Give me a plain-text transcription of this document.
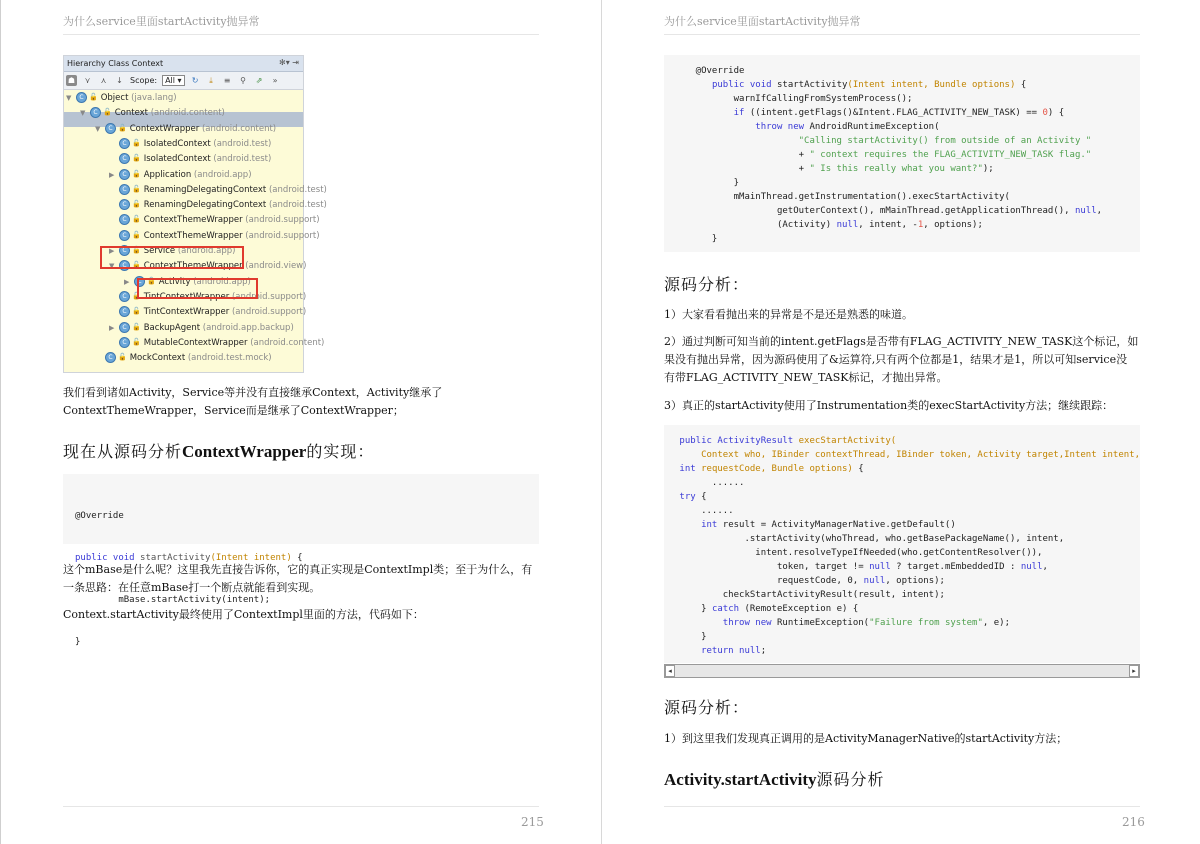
为什么service里面startActivity抛异常
Hierarchy Class Context	✻▾ ⇥
☗	⋎	⋏	↓ Scope:	All ▾	↻	⤓	≡	⚲	⇗	»
▼ C 🔓 Object (java.lang)
▼ C 🔓 Context (android.content)
▼ C 🔓 ContextWrapper (android.content)
C 🔓 IsolatedContext (android.test)
C 🔓 IsolatedContext (android.test)
▶ C 🔓 Application (android.app)
C 🔓 RenamingDelegatingContext (android.test)
C 🔓 RenamingDelegatingContext (android.test)
C 🔓 ContextThemeWrapper (android.support)
C 🔓 ContextThemeWrapper (android.support)
▶ C 🔓 Service (android.app)
▼ C 🔓 ContextThemeWrapper (android.view)
▶ C 🔓 Activity (android.app)
C 🔓 TintContextWrapper (android.support)
C 🔓 TintContextWrapper (android.support)
▶ C 🔓 BackupAgent (android.app.backup)
C 🔓 MutableContextWrapper (android.content)
C 🔓 MockContext (android.test.mock)
我们看到诸如Activity，Service等并没有直接继承Context，Activity继承了
ContextThemeWrapper，Service而是继承了ContextWrapper；
现在从源码分析ContextWrapper的实现：

@Override

public void startActivity(Intent intent) {

mBase.startActivity(intent);

}

这个mBase是什么呢？这里我先直接告诉你，它的真正实现是ContextImpl类；至于为什么，有
一条思路：在任意mBase打一个断点就能看到实现。
Context.startActivity最终使用了ContextImpl里面的方法，代码如下：
215
为什么service里面startActivity抛异常
@Override
public void startActivity(Intent intent, Bundle options) {
warnIfCallingFromSystemProcess();
if ((intent.getFlags()&Intent.FLAG_ACTIVITY_NEW_TASK) == 0) {
throw new AndroidRuntimeException(
"Calling startActivity() from outside of an Activity "
+ " context requires the FLAG_ACTIVITY_NEW_TASK flag."
+ " Is this really what you want?");
}
mMainThread.getInstrumentation().execStartActivity(
getOuterContext(), mMainThread.getApplicationThread(), null,
(Activity) null, intent, -1, options);
}
源码分析：
1）大家看看抛出来的异常是不是还是熟悉的味道。
2）通过判断可知当前的intent.getFlags是否带有FLAG_ACTIVITY_NEW_TASK这个标记，如
果没有抛出异常，因为源码使用了&运算符,只有两个位都是1，结果才是1，所以可知service没
有带FLAG_ACTIVITY_NEW_TASK标记，才抛出异常。
3）真正的startActivity使用了Instrumentation类的execStartActivity方法；继续跟踪：
public ActivityResult execStartActivity(
Context who, IBinder contextThread, IBinder token, Activity target,Intent intent,
int requestCode, Bundle options) {
......
try {
......
int result = ActivityManagerNative.getDefault()
.startActivity(whoThread, who.getBasePackageName(), intent,
intent.resolveTypeIfNeeded(who.getContentResolver()),
token, target != null ? target.mEmbeddedID : null,
requestCode, 0, null, options);
checkStartActivityResult(result, intent);
} catch (RemoteException e) {
throw new RuntimeException("Failure from system", e);
}
return null;
◂	▸
源码分析：
1）到这里我们发现真正调用的是ActivityManagerNative的startActivity方法；
Activity.startActivity源码分析
216
